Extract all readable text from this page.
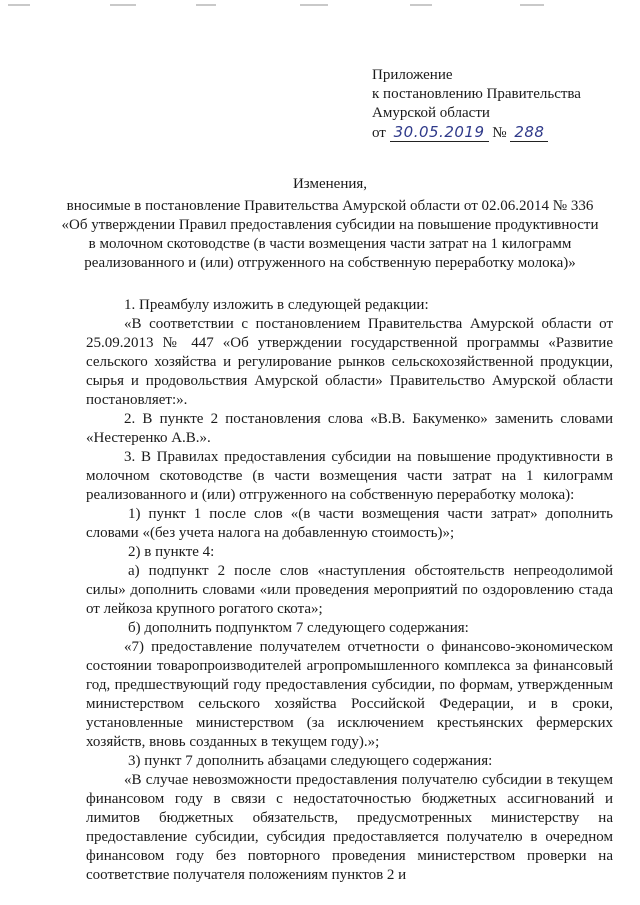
Приложение
к постановлению Правительства
Амурской области
от 30.05.2019 № 288
Изменения,
вносимые в постановление Правительства Амурской области от 02.06.2014 № 336 «Об утверждении Правил предоставления субсидии на повышение продуктивности в молочном скотоводстве (в части возмещения части затрат на 1 килограмм реализованного и (или) отгруженного на собственную переработку молока)»

1. Преамбулу изложить в следующей редакции:

«В соответствии с постановлением Правительства Амурской области от 25.09.2013 № 447 «Об утверждении государственной программы «Развитие сельского хозяйства и регулирование рынков сельскохозяйственной продукции, сырья и продовольствия Амурской области» Правительство Амурской области постановляет:».

2. В пункте 2 постановления слова «В.В. Бакуменко» заменить словами «Нестеренко А.В.».

3. В Правилах предоставления субсидии на повышение продуктивности в молочном скотоводстве (в части возмещения части затрат на 1 килограмм реализованного и (или) отгруженного на собственную переработку молока):

1) пункт 1 после слов «(в части возмещения части затрат» дополнить словами «(без учета налога на добавленную стоимость)»;

2) в пункте 4:

а) подпункт 2 после слов «наступления обстоятельств непреодолимой силы» дополнить словами «или проведения мероприятий по оздоровлению стада от лейкоза крупного рогатого скота»;

б) дополнить подпунктом 7 следующего содержания:

«7) предоставление получателем отчетности о финансово-экономическом состоянии товаропроизводителей агропромышленного комплекса за финансовый год, предшествующий году предоставления субсидии, по формам, утвержденным министерством сельского хозяйства Российской Федерации, и в сроки, установленные министерством (за исключением крестьянских фермерских хозяйств, вновь созданных в текущем году).»;

3) пункт 7 дополнить абзацами следующего содержания:

«В случае невозможности предоставления получателю субсидии в текущем финансовом году в связи с недостаточностью бюджетных ассигнований и лимитов бюджетных обязательств, предусмотренных министерству на предоставление субсидии, субсидия предоставляется получателю в очередном финансовом году без повторного проведения министерством проверки на соответствие получателя положениям пунктов 2 и
